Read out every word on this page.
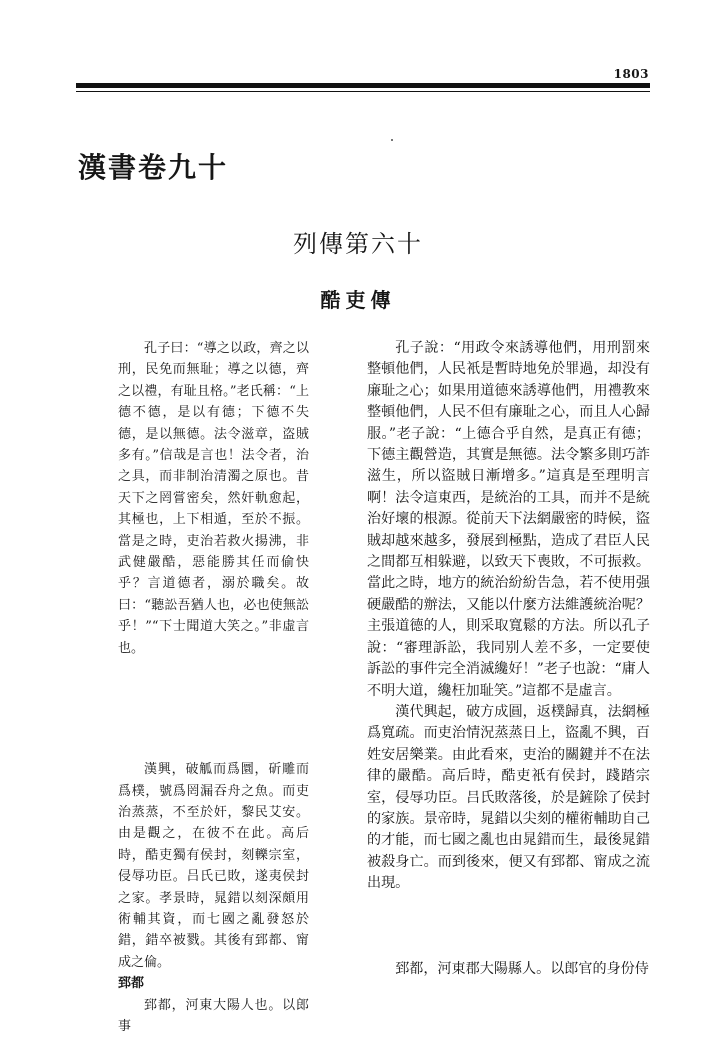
1803
漢書卷九十
列傳第六十
酷吏傳

孔子曰：“導之以政，齊之以刑，民免而無耻；導之以德，齊之以禮，有耻且格。”老氏稱：“上德不德，是以有德；下德不失德，是以無德。法令滋章，盗賊多有。”信哉是言也！法令者，治之具，而非制治清濁之原也。昔天下之罔嘗密矣，然奸軌愈起，其極也，上下相遁，至於不振。當是之時，吏治若救火揚沸，非武健嚴酷，惡能勝其任而偷快乎？言道德者，溺於職矣。故曰：“聽訟吾猶人也，必也使無訟乎！”“下士聞道大笑之。”非虛言也。

漢興，破觚而爲圜，斫雕而爲樸，號爲罔漏吞舟之魚。而吏治蒸蒸，不至於奸，黎民艾安。由是觀之，在彼不在此。高后時，酷吏獨有侯封，刻轢宗室，侵辱功臣。吕氏已敗，遂夷侯封之家。孝景時，晁錯以刻深頗用術輔其資，而七國之亂發怒於錯，錯卒被戮。其後有郅都、甯成之倫。

郅都

郅都，河東大陽人也。以郎事

孔子說：“用政令來誘導他們，用刑罰來整頓他們，人民衹是暫時地免於罪過，却没有廉耻之心；如果用道德來誘導他們，用禮教來整頓他們，人民不但有廉耻之心，而且人心歸服。”老子說：“上德合乎自然，是真正有德；下德主觀營造，其實是無德。法令繁多則巧詐滋生，所以盜賊日漸增多。”這真是至理明言啊！法令這東西，是統治的工具，而并不是統治好壞的根源。從前天下法網嚴密的時候，盜賊却越來越多，發展到極點，造成了君臣人民之間都互相躲避，以致天下喪敗，不可振救。當此之時，地方的統治紛紛告急，若不使用强硬嚴酷的辦法，又能以什麼方法維護統治呢？主張道德的人，則采取寬鬆的方法。所以孔子說：“審理訴訟，我同别人差不多，一定要使訴訟的事件完全消滅纔好！”老子也說：“庸人不明大道，纔枉加耻笑。”這都不是虛言。

漢代興起，破方成圓，返樸歸真，法網極爲寬疏。而吏治情況蒸蒸日上，盜亂不興，百姓安居樂業。由此看來，吏治的關鍵并不在法律的嚴酷。高后時，酷吏衹有侯封，踐踏宗室，侵辱功臣。吕氏敗落後，於是鏟除了侯封的家族。景帝時，晁錯以尖刻的權術輔助自己的才能，而七國之亂也由晁錯而生，最後晁錯被殺身亡。而到後來，便又有郅都、甯成之流出現。

郅都，河東郡大陽縣人。以郎官的身份侍
